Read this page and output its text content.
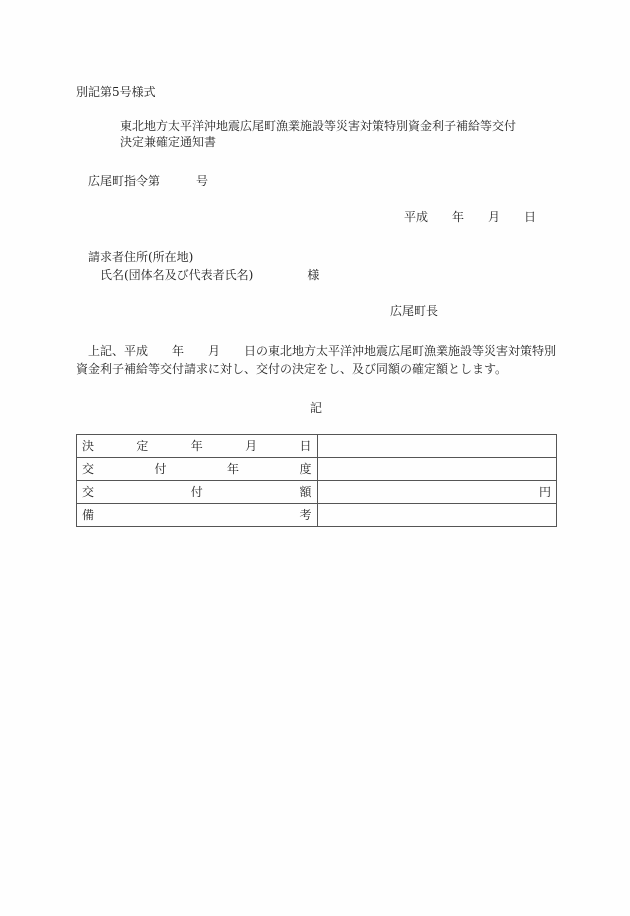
別記第5号様式
東北地方太平洋沖地震広尾町漁業施設等災害対策特別資金利子補給等交付
決定兼確定通知書
広尾町指令第	号
平成 年 月 日
請求者住所(所在地)
氏名(団体名及び代表者氏名)	様
広尾町長
上記、平成　　年　　月　　日の東北地方太平洋沖地震広尾町漁業施設等災害対策特別
資金利子補給等交付請求に対し、交付の決定をし、及び同額の確定額とします。
記
決 定 年 月 日	

交 付 年 度	

交 付 額	円

備 考	
